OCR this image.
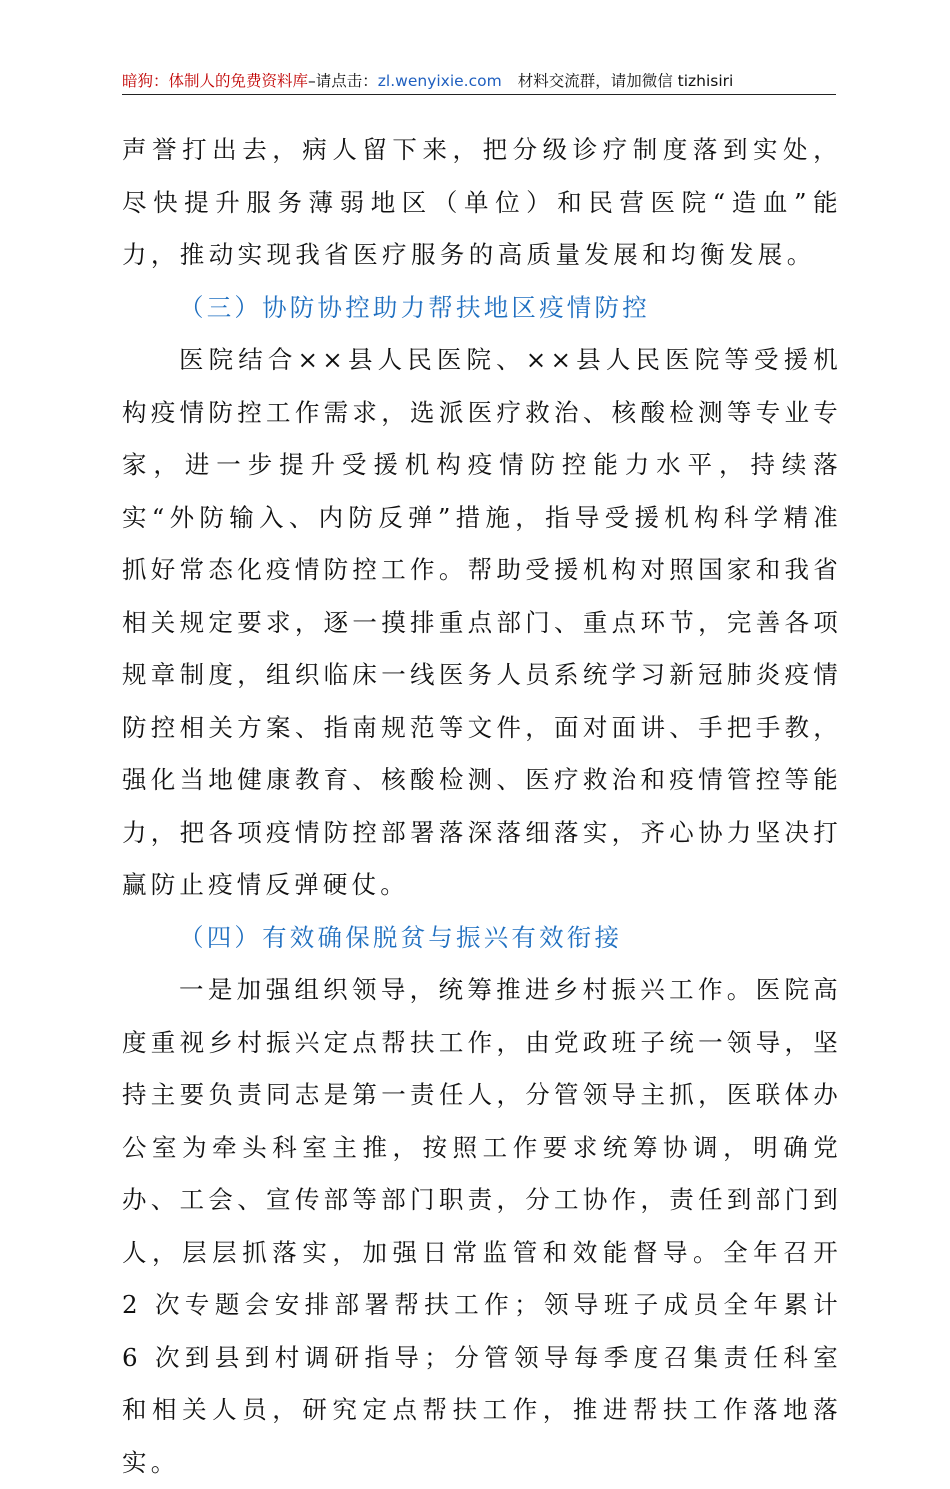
暗狗：体制人的免费资料库–请点击：zl.wenyixie.com 材料交流群，请加微信 tizhisiri

声誉打出去，病人留下来，把分级诊疗制度落到实处，尽快提升服务薄弱地区（单位）和民营医院“造血”能力，推动实现我省医疗服务的高质量发展和均衡发展。

（三）协防协控助力帮扶地区疫情防控

医院结合××县人民医院、××县人民医院等受援机构疫情防控工作需求，选派医疗救治、核酸检测等专业专家，进一步提升受援机构疫情防控能力水平，持续落实“外防输入、内防反弹”措施，指导受援机构科学精准抓好常态化疫情防控工作。帮助受援机构对照国家和我省相关规定要求，逐一摸排重点部门、重点环节，完善各项规章制度，组织临床一线医务人员系统学习新冠肺炎疫情防控相关方案、指南规范等文件，面对面讲、手把手教，强化当地健康教育、核酸检测、医疗救治和疫情管控等能力，把各项疫情防控部署落深落细落实，齐心协力坚决打赢防止疫情反弹硬仗。

（四）有效确保脱贫与振兴有效衔接

一是加强组织领导，统筹推进乡村振兴工作。医院高度重视乡村振兴定点帮扶工作，由党政班子统一领导，坚持主要负责同志是第一责任人，分管领导主抓，医联体办公室为牵头科室主推，按照工作要求统筹协调，明确党办、工会、宣传部等部门职责，分工协作，责任到部门到人，层层抓落实，加强日常监管和效能督导。全年召开 2 次专题会安排部署帮扶工作；领导班子成员全年累计 6 次到县到村调研指导；分管领导每季度召集责任科室和相关人员，研究定点帮扶工作，推进帮扶工作落地落实。
